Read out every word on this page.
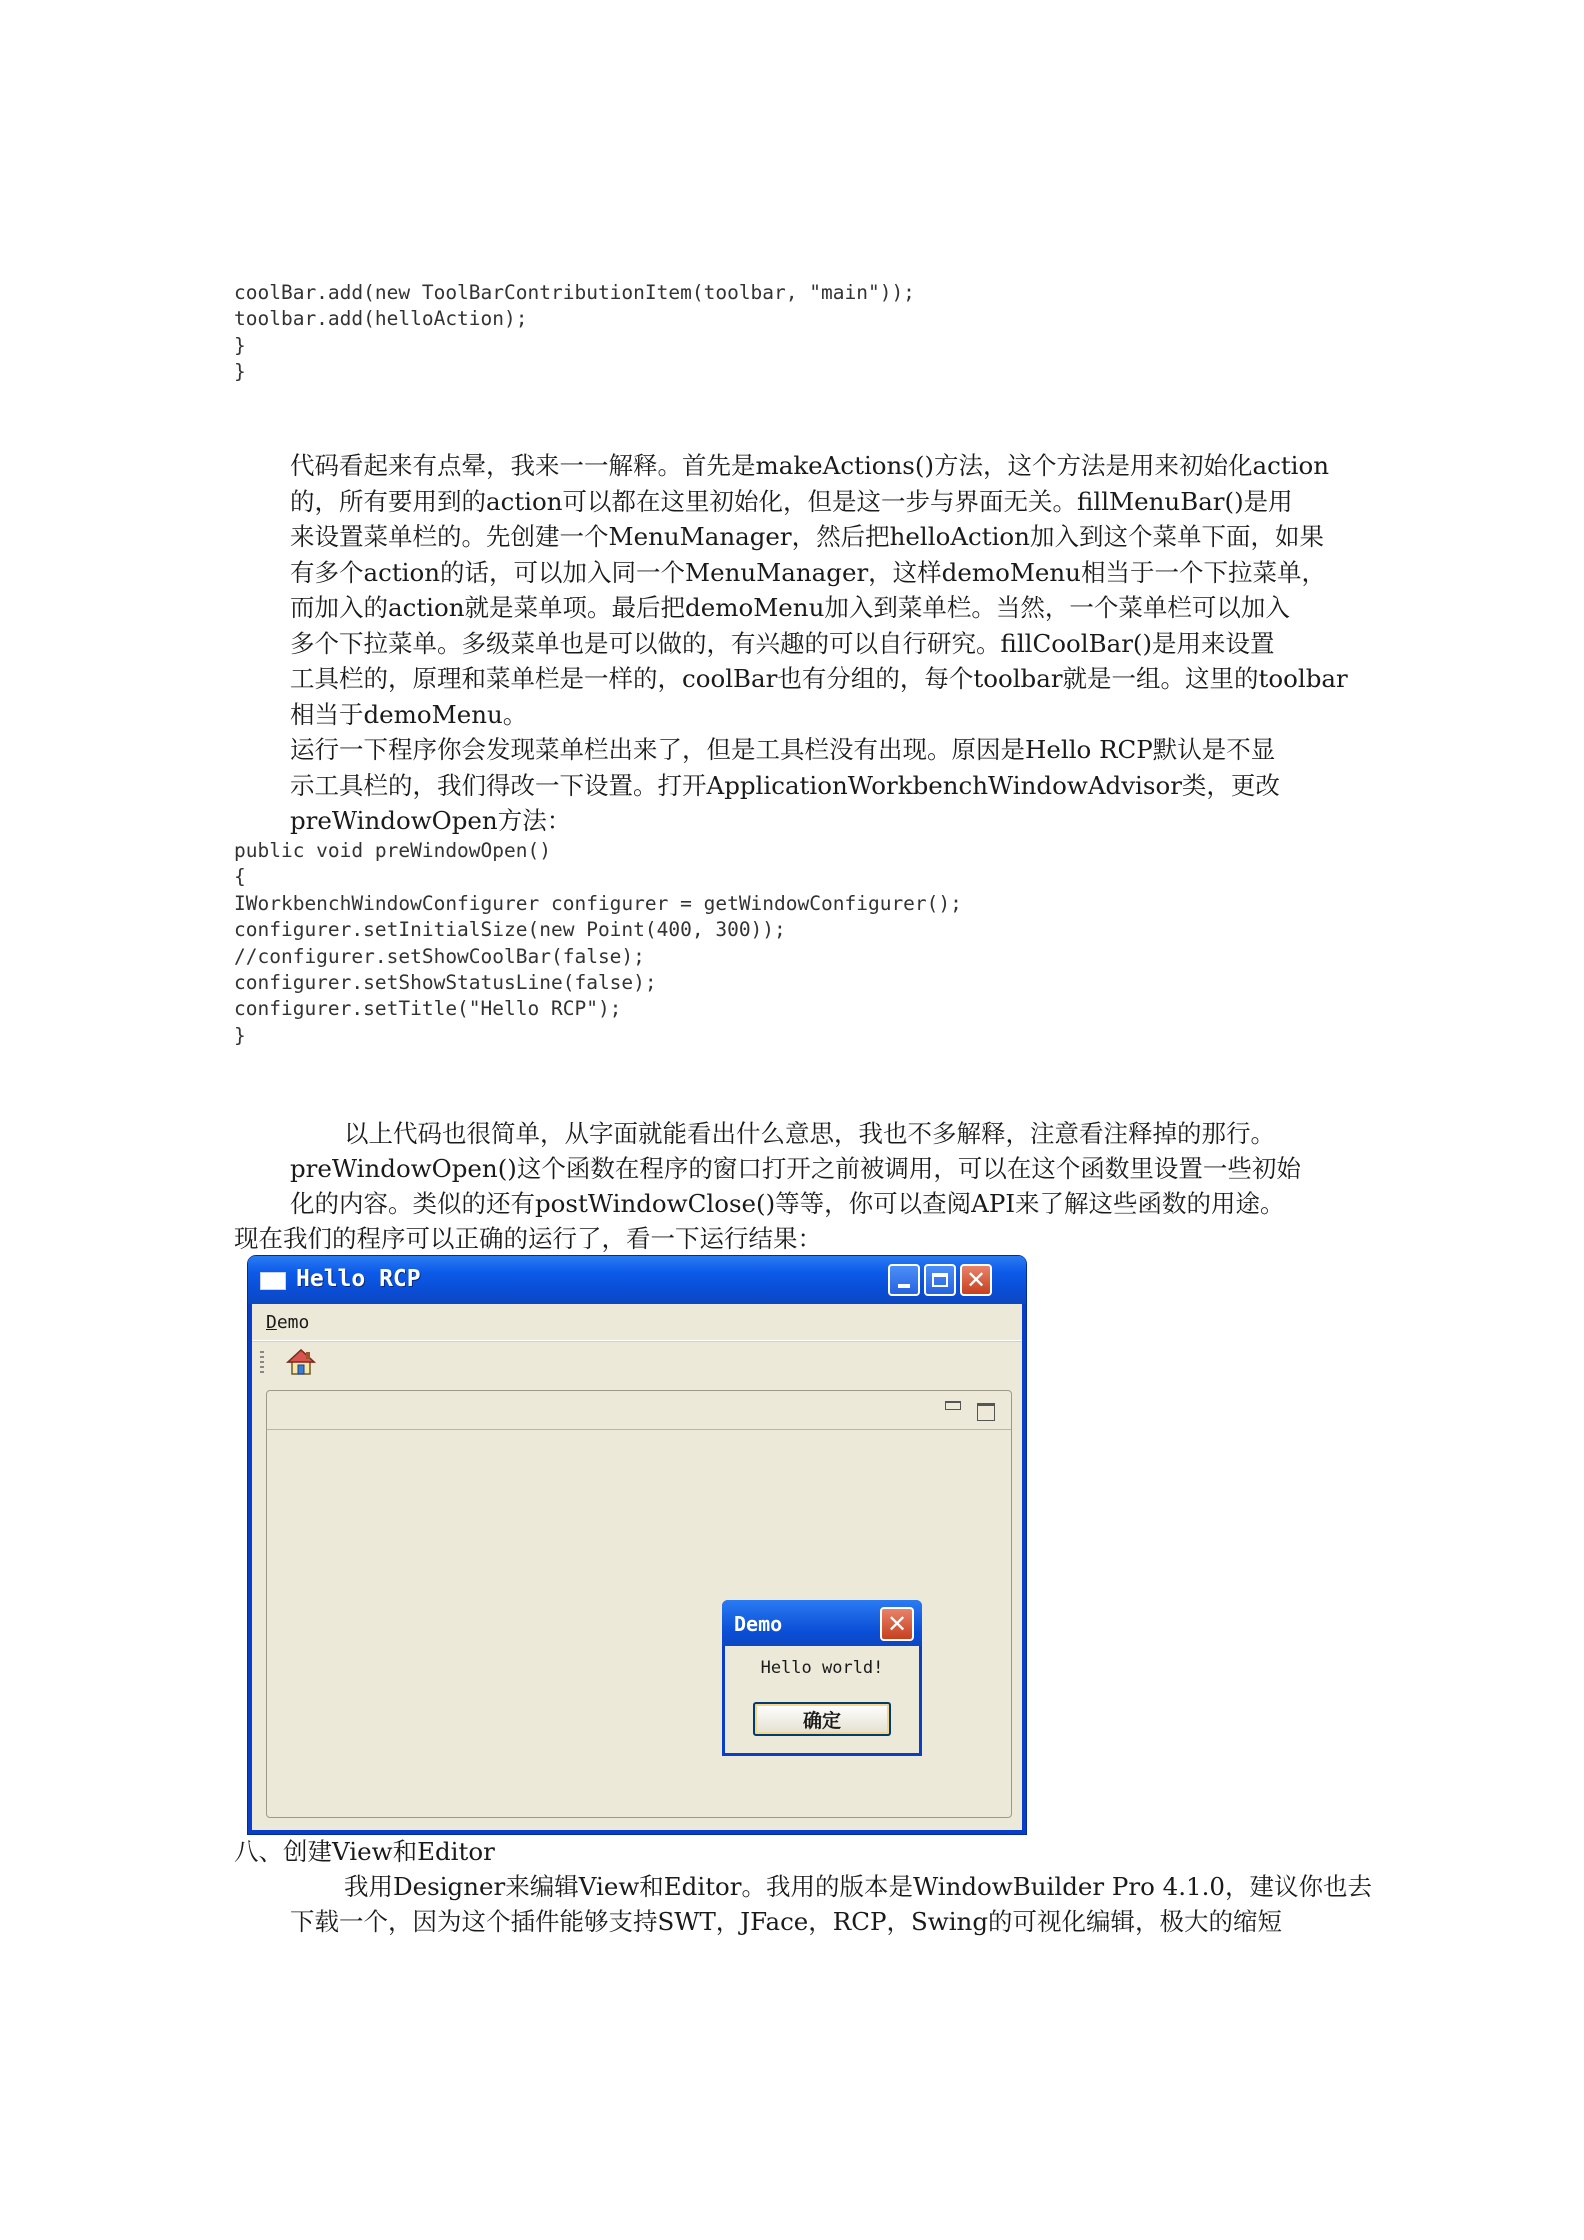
coolBar.add(new ToolBarContributionItem(toolbar, "main"));
toolbar.add(helloAction);
}
}

代码看起来有点晕，我来一一解释。首先是makeActions()方法，这个方法是用来初始化action

的，所有要用到的action可以都在这里初始化，但是这一步与界面无关。fillMenuBar()是用

来设置菜单栏的。先创建一个MenuManager，然后把helloAction加入到这个菜单下面，如果

有多个action的话，可以加入同一个MenuManager，这样demoMenu相当于一个下拉菜单，

而加入的action就是菜单项。最后把demoMenu加入到菜单栏。当然，一个菜单栏可以加入

多个下拉菜单。多级菜单也是可以做的，有兴趣的可以自行研究。fillCoolBar()是用来设置

工具栏的，原理和菜单栏是一样的，coolBar也有分组的，每个toolbar就是一组。这里的toolbar

相当于demoMenu。

运行一下程序你会发现菜单栏出来了，但是工具栏没有出现。原因是Hello RCP默认是不显

示工具栏的，我们得改一下设置。打开ApplicationWorkbenchWindowAdvisor类，更改

preWindowOpen方法：

public void preWindowOpen()
{
IWorkbenchWindowConfigurer configurer = getWindowConfigurer();
configurer.setInitialSize(new Point(400, 300));
//configurer.setShowCoolBar(false);
configurer.setShowStatusLine(false);
configurer.setTitle("Hello RCP");
}
以上代码也很简单，从字面就能看出什么意思，我也不多解释，注意看注释掉的那行。
preWindowOpen()这个函数在程序的窗口打开之前被调用，可以在这个函数里设置一些初始
化的内容。类似的还有postWindowClose()等等，你可以查阅API来了解这些函数的用途。
现在我们的程序可以正确的运行了，看一下运行结果：
Hello RCP	✕
Demo
Demo	✕
Hello world!
确定
八、创建View和Editor
我用Designer来编辑View和Editor。我用的版本是WindowBuilder Pro 4.1.0，建议你也去
下载一个，因为这个插件能够支持SWT，JFace，RCP，Swing的可视化编辑，极大的缩短
